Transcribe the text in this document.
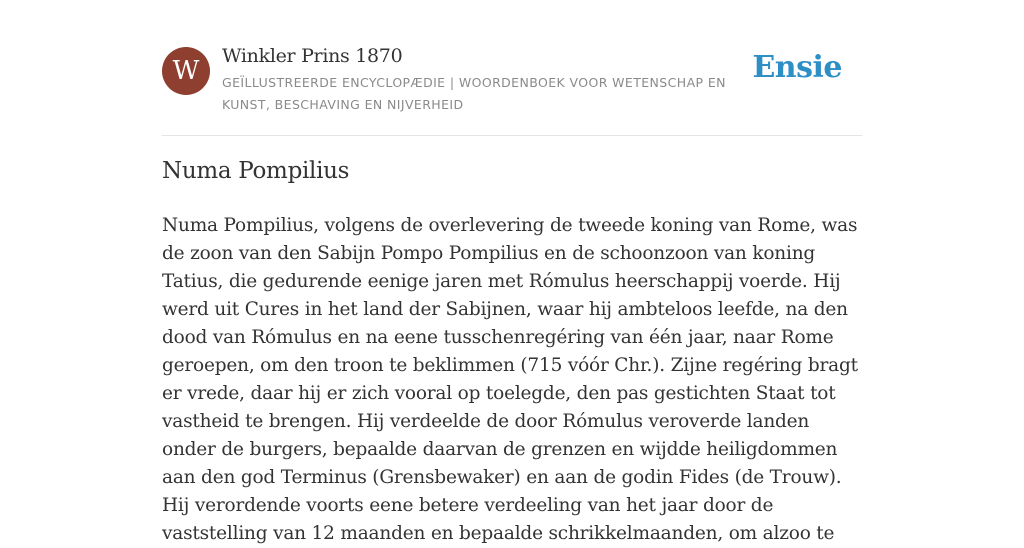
W	Winkler Prins 1870
GEÏLLUSTREERDE ENCYCLOPÆDIE | WOORDENBOEK VOOR WETENSCHAP EN KUNST, BESCHAVING EN NIJVERHEID
Ensie
Numa Pompilius

Numa Pompilius, volgens de overlevering de tweede koning van Rome, was de zoon van den Sabijn Pompo Pompilius en de schoonzoon van koning Tatius, die gedurende eenige jaren met Rómulus heerschappij voerde. Hij werd uit Cures in het land der Sabijnen, waar hij ambteloos leefde, na den dood van Rómulus en na eene tusschenregéring van één jaar, naar Rome geroepen, om den troon te beklimmen (715 vóór Chr.). Zijne regéring bragt er vrede, daar hij er zich vooral op toelegde, den pas gestichten Staat tot vastheid te brengen. Hij verdeelde de door Rómulus veroverde landen onder de burgers, bepaalde daarvan de grenzen en wijdde heiligdommen aan den god Terminus (Grensbewaker) en aan de godin Fides (de Trouw). Hij verordende voorts eene betere verdeeling van het jaar door de vaststelling van 12 maanden en bepaalde schrikkelmaanden, om alzoo te
